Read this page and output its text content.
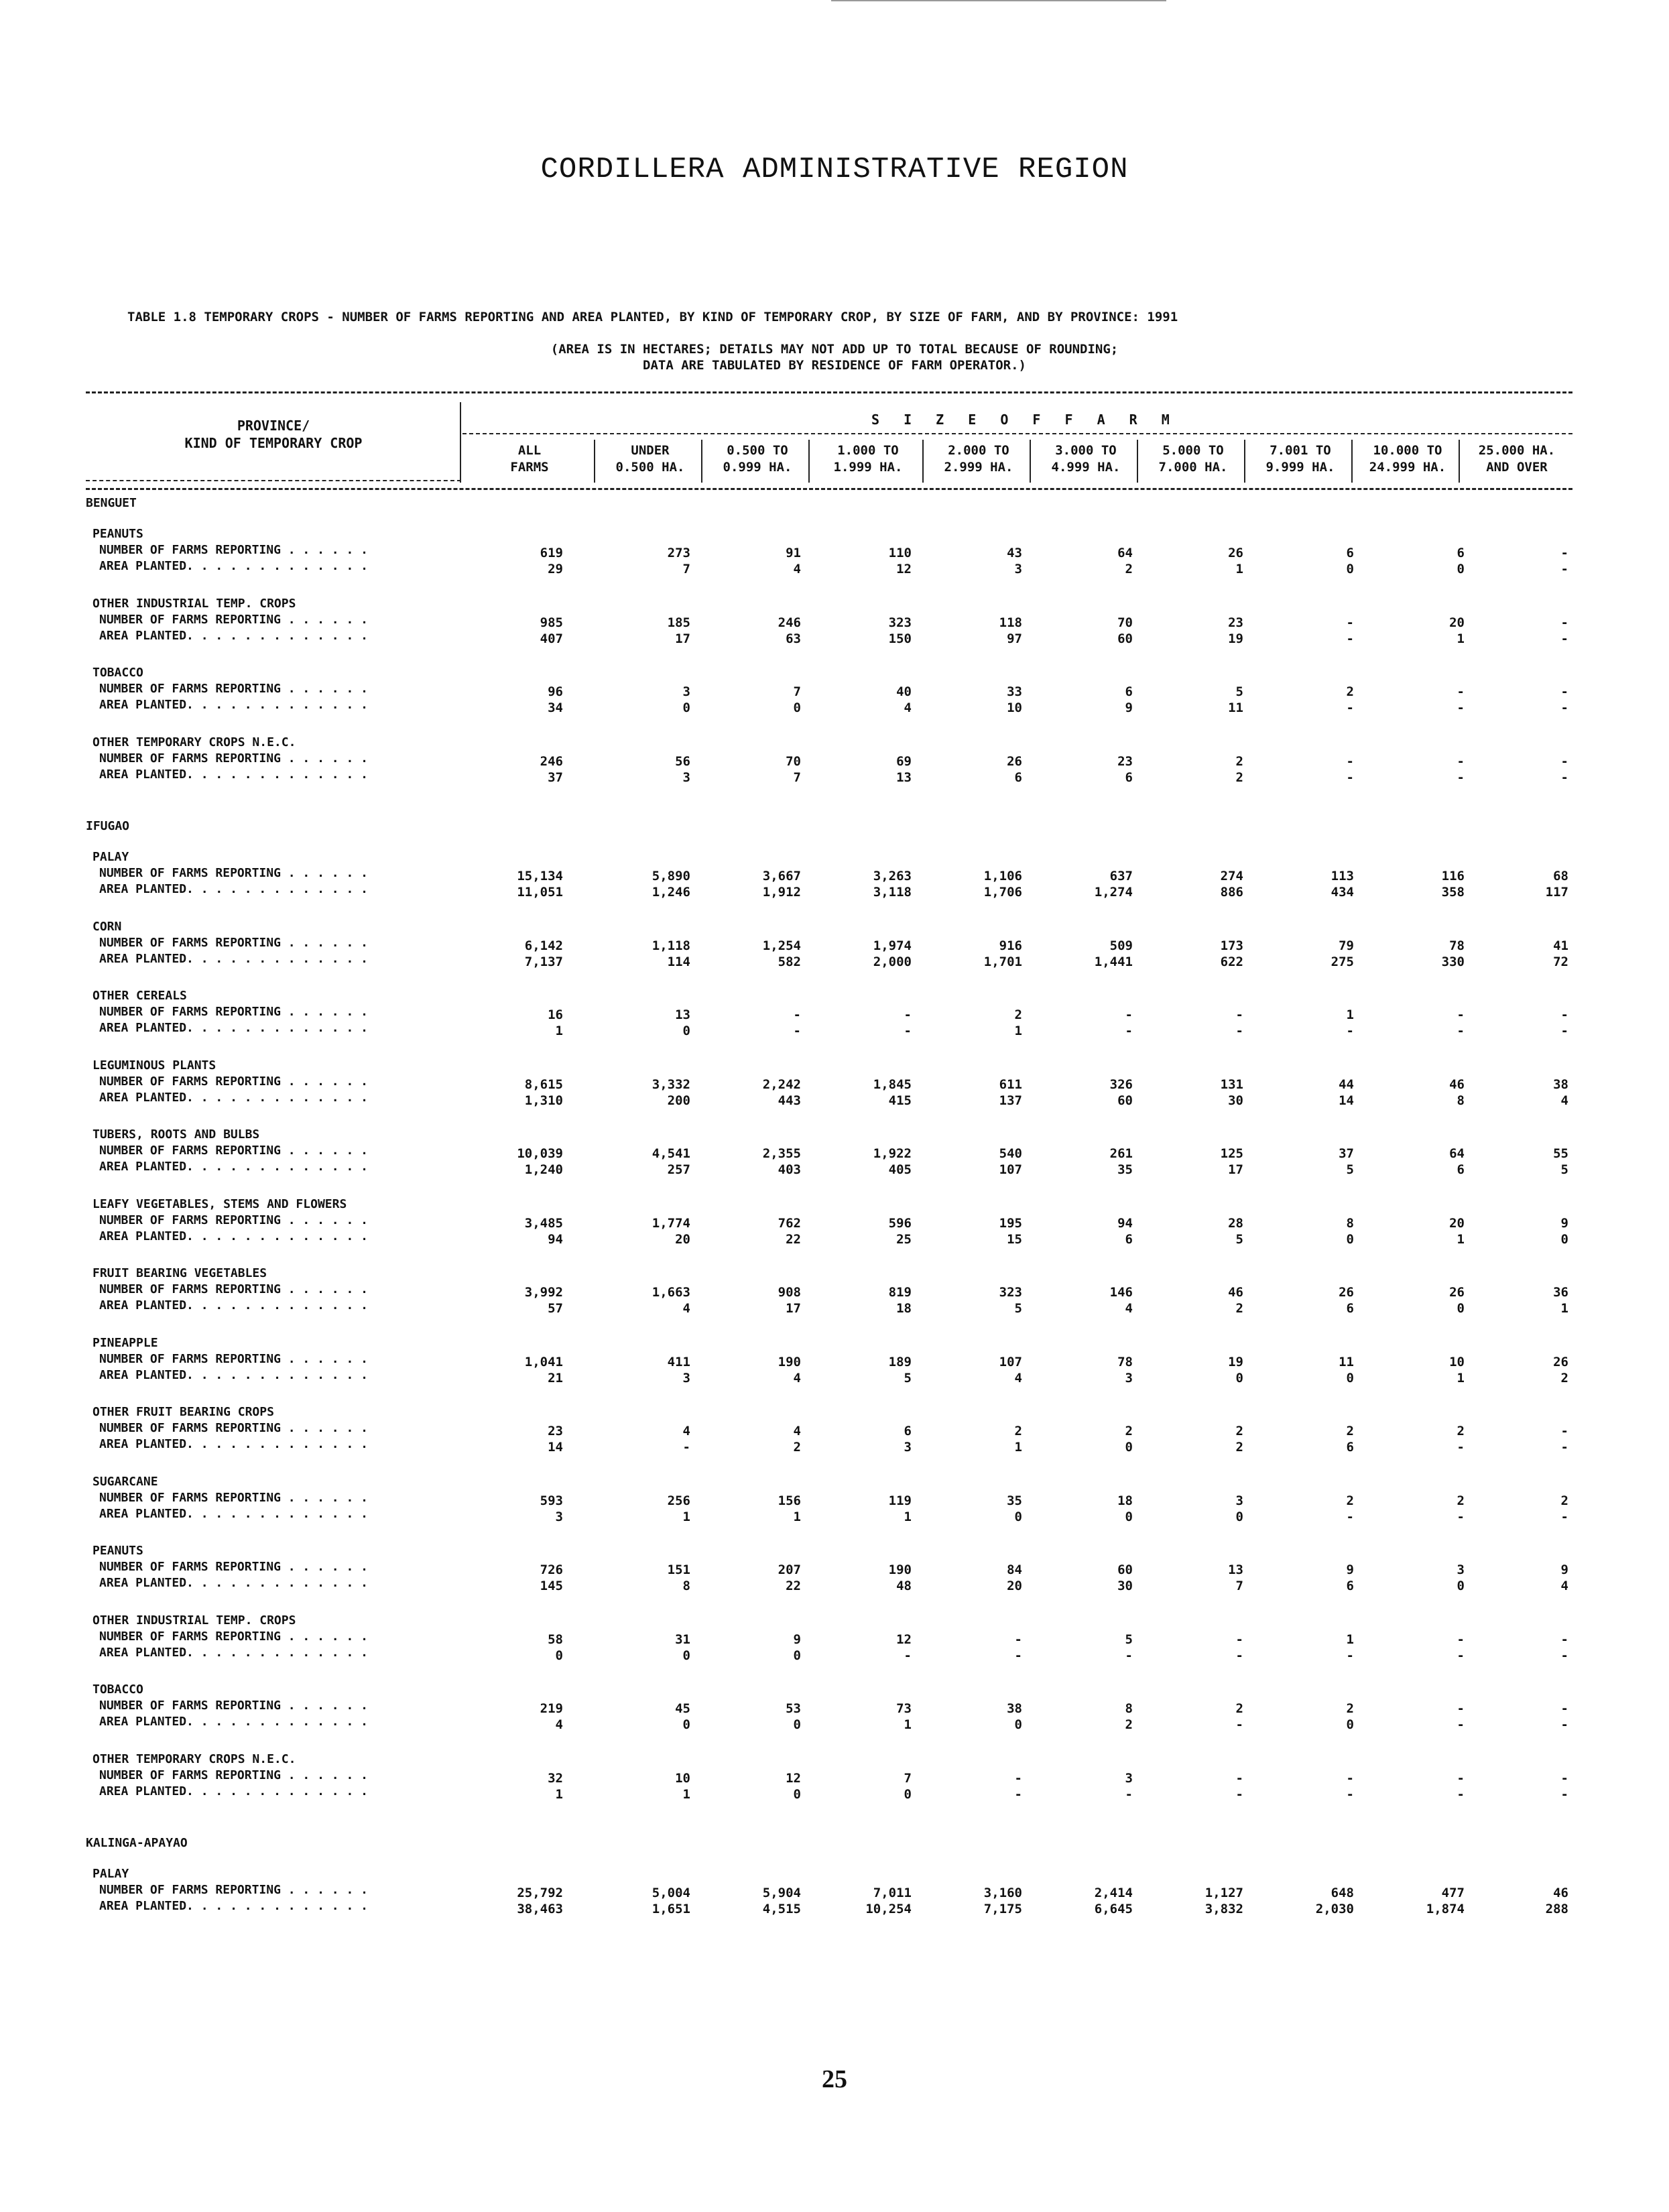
CORDILLERA ADMINISTRATIVE REGION
TABLE 1.8 TEMPORARY CROPS - NUMBER OF FARMS REPORTING AND AREA PLANTED, BY KIND OF TEMPORARY CROP, BY SIZE OF FARM, AND BY PROVINCE: 1991
(AREA IS IN HECTARES; DETAILS MAY NOT ADD UP TO TOTAL BECAUSE OF ROUNDING;
DATA ARE TABULATED BY RESIDENCE OF FARM OPERATOR.)
PROVINCE/
KIND OF TEMPORARY CROP
S I Z E O F F A R M
ALL
FARMS
UNDER
0.500 HA.
0.500 TO
0.999 HA.
1.000 TO
1.999 HA.
2.000 TO
2.999 HA.
3.000 TO
4.999 HA.
5.000 TO
7.000 HA.
7.001 TO
9.999 HA.
10.000 TO
24.999 HA.
25.000 HA.
AND OVER
BENGUET
PEANUTS
NUMBER OF FARMS REPORTING . . . . . .	619	273	91	110	43	64	26	6	6	-
AREA PLANTED. . . . . . . . . . . . .	29	7	4	12	3	2	1	0	0	-
OTHER INDUSTRIAL TEMP. CROPS
NUMBER OF FARMS REPORTING . . . . . .	985	185	246	323	118	70	23	-	20	-
AREA PLANTED. . . . . . . . . . . . .	407	17	63	150	97	60	19	-	1	-
TOBACCO
NUMBER OF FARMS REPORTING . . . . . .	96	3	7	40	33	6	5	2	-	-
AREA PLANTED. . . . . . . . . . . . .	34	0	0	4	10	9	11	-	-	-
OTHER TEMPORARY CROPS N.E.C.
NUMBER OF FARMS REPORTING . . . . . .	246	56	70	69	26	23	2	-	-	-
AREA PLANTED. . . . . . . . . . . . .	37	3	7	13	6	6	2	-	-	-
IFUGAO
PALAY
NUMBER OF FARMS REPORTING . . . . . .	15,134	5,890	3,667	3,263	1,106	637	274	113	116	68
AREA PLANTED. . . . . . . . . . . . .	11,051	1,246	1,912	3,118	1,706	1,274	886	434	358	117
CORN
NUMBER OF FARMS REPORTING . . . . . .	6,142	1,118	1,254	1,974	916	509	173	79	78	41
AREA PLANTED. . . . . . . . . . . . .	7,137	114	582	2,000	1,701	1,441	622	275	330	72
OTHER CEREALS
NUMBER OF FARMS REPORTING . . . . . .	16	13	-	-	2	-	-	1	-	-
AREA PLANTED. . . . . . . . . . . . .	1	0	-	-	1	-	-	-	-	-
LEGUMINOUS PLANTS
NUMBER OF FARMS REPORTING . . . . . .	8,615	3,332	2,242	1,845	611	326	131	44	46	38
AREA PLANTED. . . . . . . . . . . . .	1,310	200	443	415	137	60	30	14	8	4
TUBERS, ROOTS AND BULBS
NUMBER OF FARMS REPORTING . . . . . .	10,039	4,541	2,355	1,922	540	261	125	37	64	55
AREA PLANTED. . . . . . . . . . . . .	1,240	257	403	405	107	35	17	5	6	5
LEAFY VEGETABLES, STEMS AND FLOWERS
NUMBER OF FARMS REPORTING . . . . . .	3,485	1,774	762	596	195	94	28	8	20	9
AREA PLANTED. . . . . . . . . . . . .	94	20	22	25	15	6	5	0	1	0
FRUIT BEARING VEGETABLES
NUMBER OF FARMS REPORTING . . . . . .	3,992	1,663	908	819	323	146	46	26	26	36
AREA PLANTED. . . . . . . . . . . . .	57	4	17	18	5	4	2	6	0	1
PINEAPPLE
NUMBER OF FARMS REPORTING . . . . . .	1,041	411	190	189	107	78	19	11	10	26
AREA PLANTED. . . . . . . . . . . . .	21	3	4	5	4	3	0	0	1	2
OTHER FRUIT BEARING CROPS
NUMBER OF FARMS REPORTING . . . . . .	23	4	4	6	2	2	2	2	2	-
AREA PLANTED. . . . . . . . . . . . .	14	-	2	3	1	0	2	6	-	-
SUGARCANE
NUMBER OF FARMS REPORTING . . . . . .	593	256	156	119	35	18	3	2	2	2
AREA PLANTED. . . . . . . . . . . . .	3	1	1	1	0	0	0	-	-	-
PEANUTS
NUMBER OF FARMS REPORTING . . . . . .	726	151	207	190	84	60	13	9	3	9
AREA PLANTED. . . . . . . . . . . . .	145	8	22	48	20	30	7	6	0	4
OTHER INDUSTRIAL TEMP. CROPS
NUMBER OF FARMS REPORTING . . . . . .	58	31	9	12	-	5	-	1	-	-
AREA PLANTED. . . . . . . . . . . . .	0	0	0	-	-	-	-	-	-	-
TOBACCO
NUMBER OF FARMS REPORTING . . . . . .	219	45	53	73	38	8	2	2	-	-
AREA PLANTED. . . . . . . . . . . . .	4	0	0	1	0	2	-	0	-	-
OTHER TEMPORARY CROPS N.E.C.
NUMBER OF FARMS REPORTING . . . . . .	32	10	12	7	-	3	-	-	-	-
AREA PLANTED. . . . . . . . . . . . .	1	1	0	0	-	-	-	-	-	-
KALINGA-APAYAO
PALAY
NUMBER OF FARMS REPORTING . . . . . .	25,792	5,004	5,904	7,011	3,160	2,414	1,127	648	477	46
AREA PLANTED. . . . . . . . . . . . .	38,463	1,651	4,515	10,254	7,175	6,645	3,832	2,030	1,874	288
25
